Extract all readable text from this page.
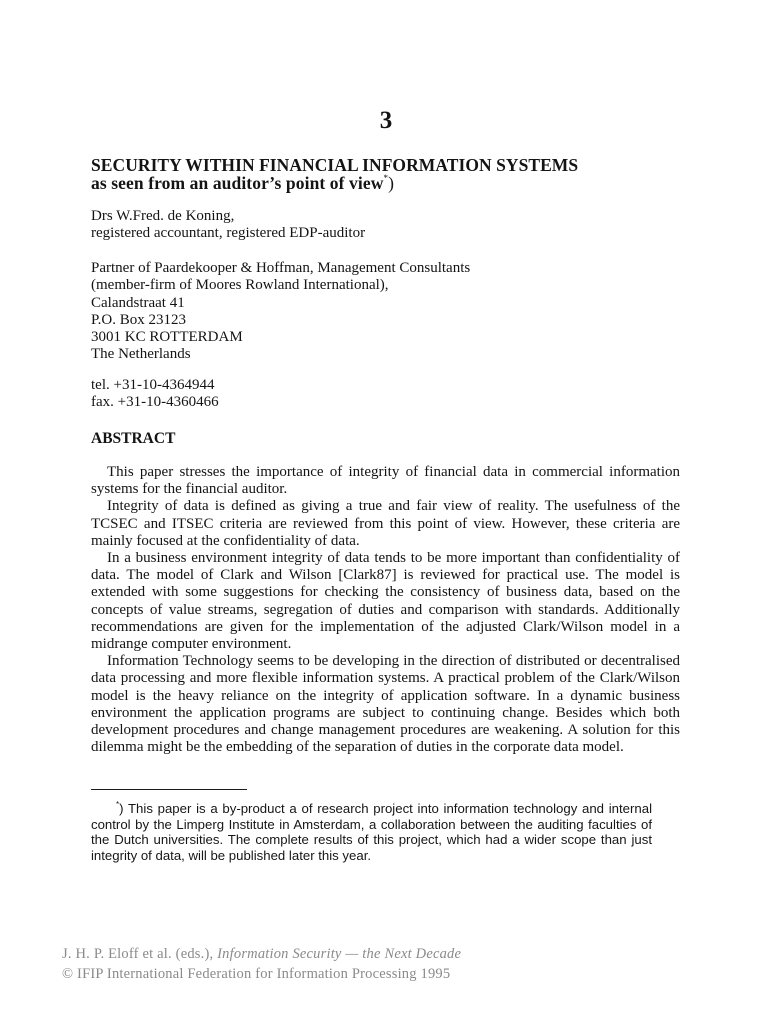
3
SECURITY WITHIN FINANCIAL INFORMATION SYSTEMS
as seen from an auditor’s point of view*)
Drs W.Fred. de Koning,
registered accountant, registered EDP-auditor
Partner of Paardekooper & Hoffman, Management Consultants
(member-firm of Moores Rowland International),
Calandstraat 41
P.O. Box 23123
3001 KC ROTTERDAM
The Netherlands
tel. +31-10-4364944
fax. +31-10-4360466
ABSTRACT

This paper stresses the importance of integrity of financial data in commercial information systems for the financial auditor.

Integrity of data is defined as giving a true and fair view of reality. The usefulness of the TCSEC and ITSEC criteria are reviewed from this point of view. However, these criteria are mainly focused at the confidentiality of data.

In a business environment integrity of data tends to be more important than confidentiality of data. The model of Clark and Wilson [Clark87] is reviewed for practical use. The model is extended with some suggestions for checking the consistency of business data, based on the concepts of value streams, segregation of duties and comparison with standards. Additionally recommendations are given for the implementation of the adjusted Clark/Wilson model in a midrange computer environment.

Information Technology seems to be developing in the direction of distributed or decentralised data processing and more flexible information systems. A practical problem of the Clark/Wilson model is the heavy reliance on the integrity of application software. In a dynamic business environment the application programs are subject to continuing change. Besides which both development procedures and change management procedures are weakening. A solution for this dilemma might be the embedding of the separation of duties in the corporate data model.

*) This paper is a by-product a of research project into information technology and internal control by the Limperg Institute in Amsterdam, a collaboration between the auditing faculties of the Dutch universities. The complete results of this project, which had a wider scope than just integrity of data, will be published later this year.
J. H. P. Eloff et al. (eds.), Information Security — the Next Decade
© IFIP International Federation for Information Processing 1995
